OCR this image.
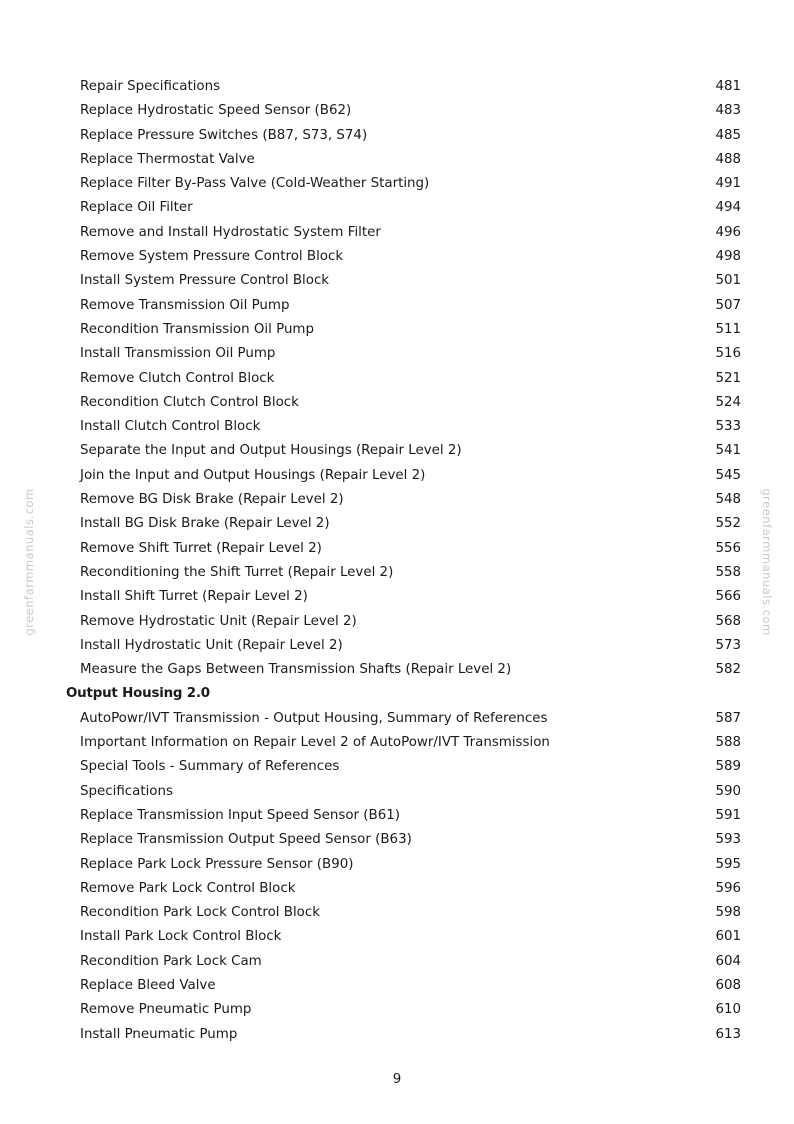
greenfarmmanuals.com	greenfarmmanuals.com
Repair Specifications	481
Replace Hydrostatic Speed Sensor (B62)	483
Replace Pressure Switches (B87, S73, S74)	485
Replace Thermostat Valve	488
Replace Filter By-Pass Valve (Cold-Weather Starting)	491
Replace Oil Filter	494
Remove and Install Hydrostatic System Filter	496
Remove System Pressure Control Block	498
Install System Pressure Control Block	501
Remove Transmission Oil Pump	507
Recondition Transmission Oil Pump	511
Install Transmission Oil Pump	516
Remove Clutch Control Block	521
Recondition Clutch Control Block	524
Install Clutch Control Block	533
Separate the Input and Output Housings (Repair Level 2)	541
Join the Input and Output Housings (Repair Level 2)	545
Remove BG Disk Brake (Repair Level 2)	548
Install BG Disk Brake (Repair Level 2)	552
Remove Shift Turret (Repair Level 2)	556
Reconditioning the Shift Turret (Repair Level 2)	558
Install Shift Turret (Repair Level 2)	566
Remove Hydrostatic Unit (Repair Level 2)	568
Install Hydrostatic Unit (Repair Level 2)	573
Measure the Gaps Between Transmission Shafts (Repair Level 2)	582
Output Housing 2.0
AutoPowr/IVT Transmission - Output Housing, Summary of References	587
Important Information on Repair Level 2 of AutoPowr/IVT Transmission	588
Special Tools - Summary of References	589
Specifications	590
Replace Transmission Input Speed Sensor (B61)	591
Replace Transmission Output Speed Sensor (B63)	593
Replace Park Lock Pressure Sensor (B90)	595
Remove Park Lock Control Block	596
Recondition Park Lock Control Block	598
Install Park Lock Control Block	601
Recondition Park Lock Cam	604
Replace Bleed Valve	608
Remove Pneumatic Pump	610
Install Pneumatic Pump	613
9
